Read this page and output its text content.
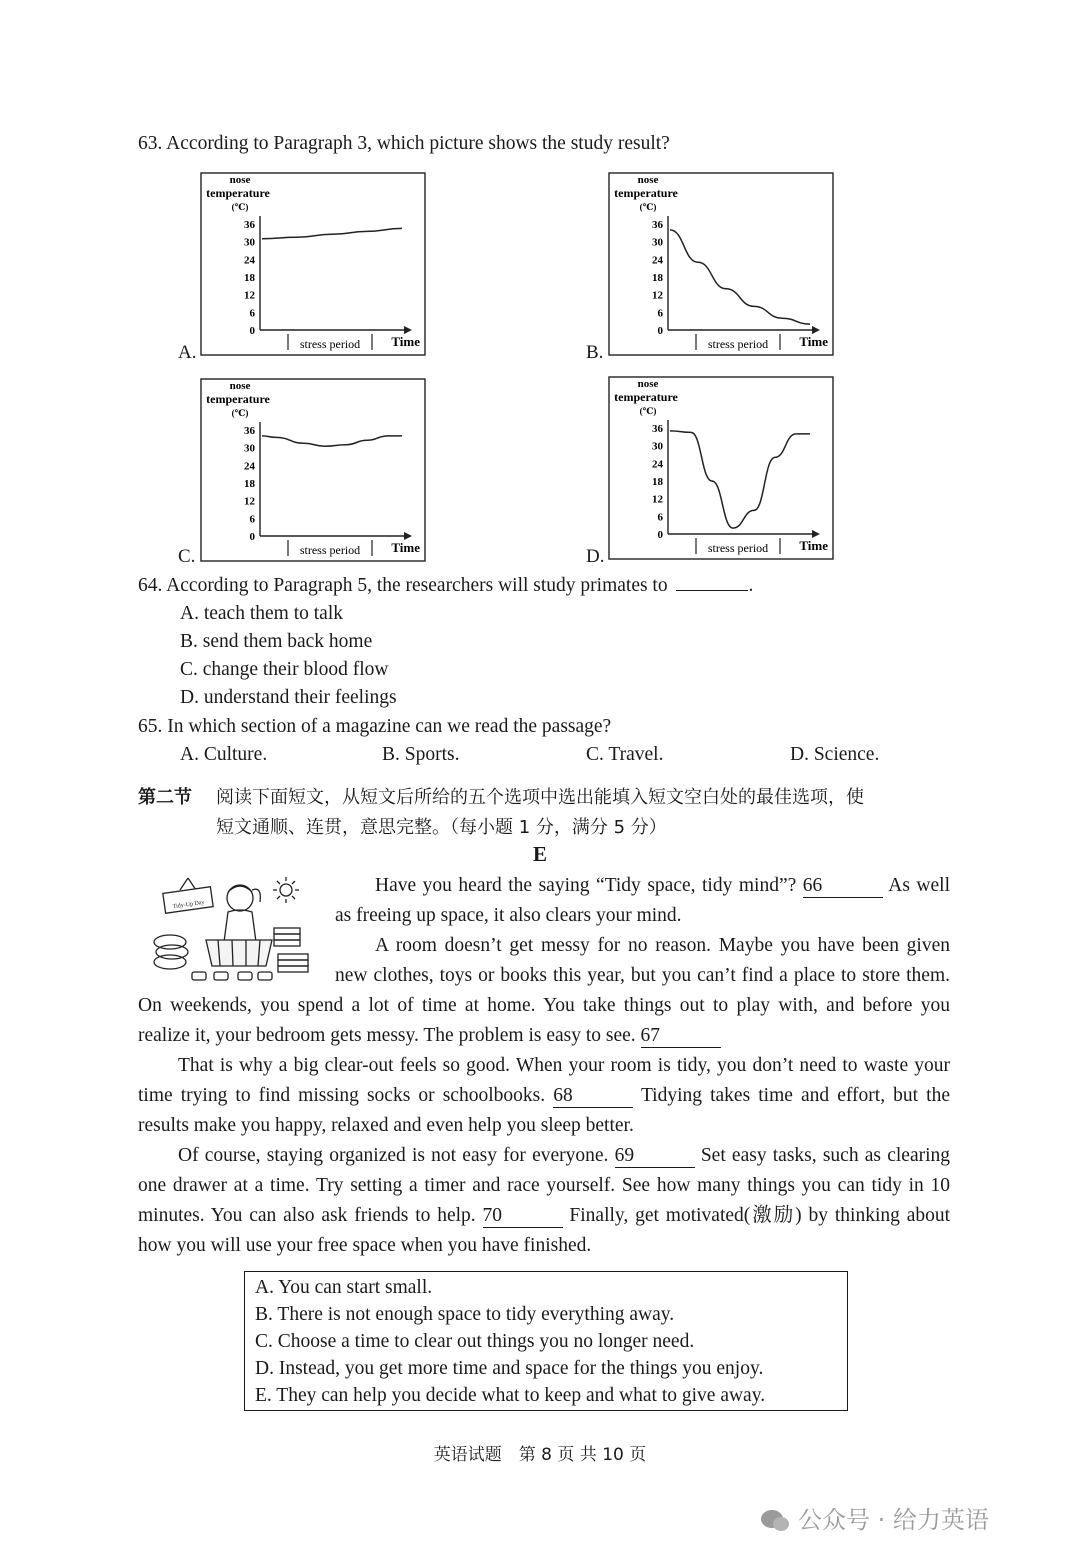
63. According to Paragraph 3, which picture shows the study result?
A.
nose
temperature
(℃)
36
30
24
18
12
6
0
stress period Time
B.
nose
temperature
(℃)
36
30
24
18
12
6
0
stress period Time
C.
nose
temperature
(℃)
36
30
24
18
12
6
0
stress period Time	D.
nose
temperature
(℃)
36
30
24
18
12
6
0
stress period Time
64. According to Paragraph 5, the researchers will study primates to	.
A. teach them to talk
B. send them back home
C. change their blood flow
D. understand their feelings
65. In which section of a magazine can we read the passage?
A. Culture.	B. Sports.	C. Travel.	D. Science.
第二节 阅读下面短文，从短文后所给的五个选项中选出能填入短文空白处的最佳选项，使
短文通顺、连贯，意思完整。（每小题 1 分，满分 5 分）
E
Tidy-Up Day
Have you heard the saying “Tidy space, tidy mind”? 66	As well
as freeing up space, it also clears your mind.
A room doesn’t get messy for no reason. Maybe you have been given
new clothes, toys or books this year, but you can’t find a place to store them.
On weekends, you spend a lot of time at home. You take things out to play with, and before you
realize it, your bedroom gets messy. The problem is easy to see. 67
That is why a big clear-out feels so good. When your room is tidy, you don’t need to waste your
time trying to find missing socks or schoolbooks. 68	Tidying takes time and effort, but the
results make you happy, relaxed and even help you sleep better.
Of course, staying organized is not easy for everyone. 69	Set easy tasks, such as clearing
one drawer at a time. Try setting a timer and race yourself. See how many things you can tidy in 10
minutes. You can also ask friends to help. 70	Finally, get motivated(激励) by thinking about
how you will use your free space when you have finished.
A. You can start small.
B. There is not enough space to tidy everything away.
C. Choose a time to clear out things you no longer need.
D. Instead, you get more time and space for the things you enjoy.
E. They can help you decide what to keep and what to give away.
英语试题　第 8 页 共 10 页
公众号 · 给力英语
